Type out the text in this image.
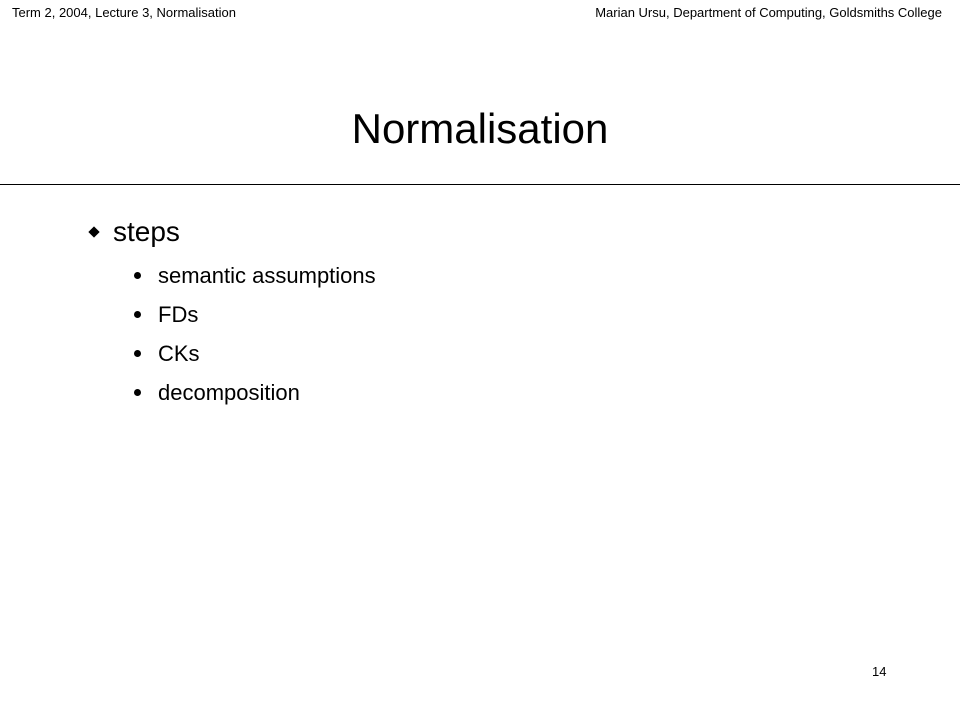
Term 2, 2004, Lecture 3, Normalisation	Marian Ursu, Department of Computing, Goldsmiths College
Normalisation
steps
semantic assumptions
FDs
CKs
decomposition
14
